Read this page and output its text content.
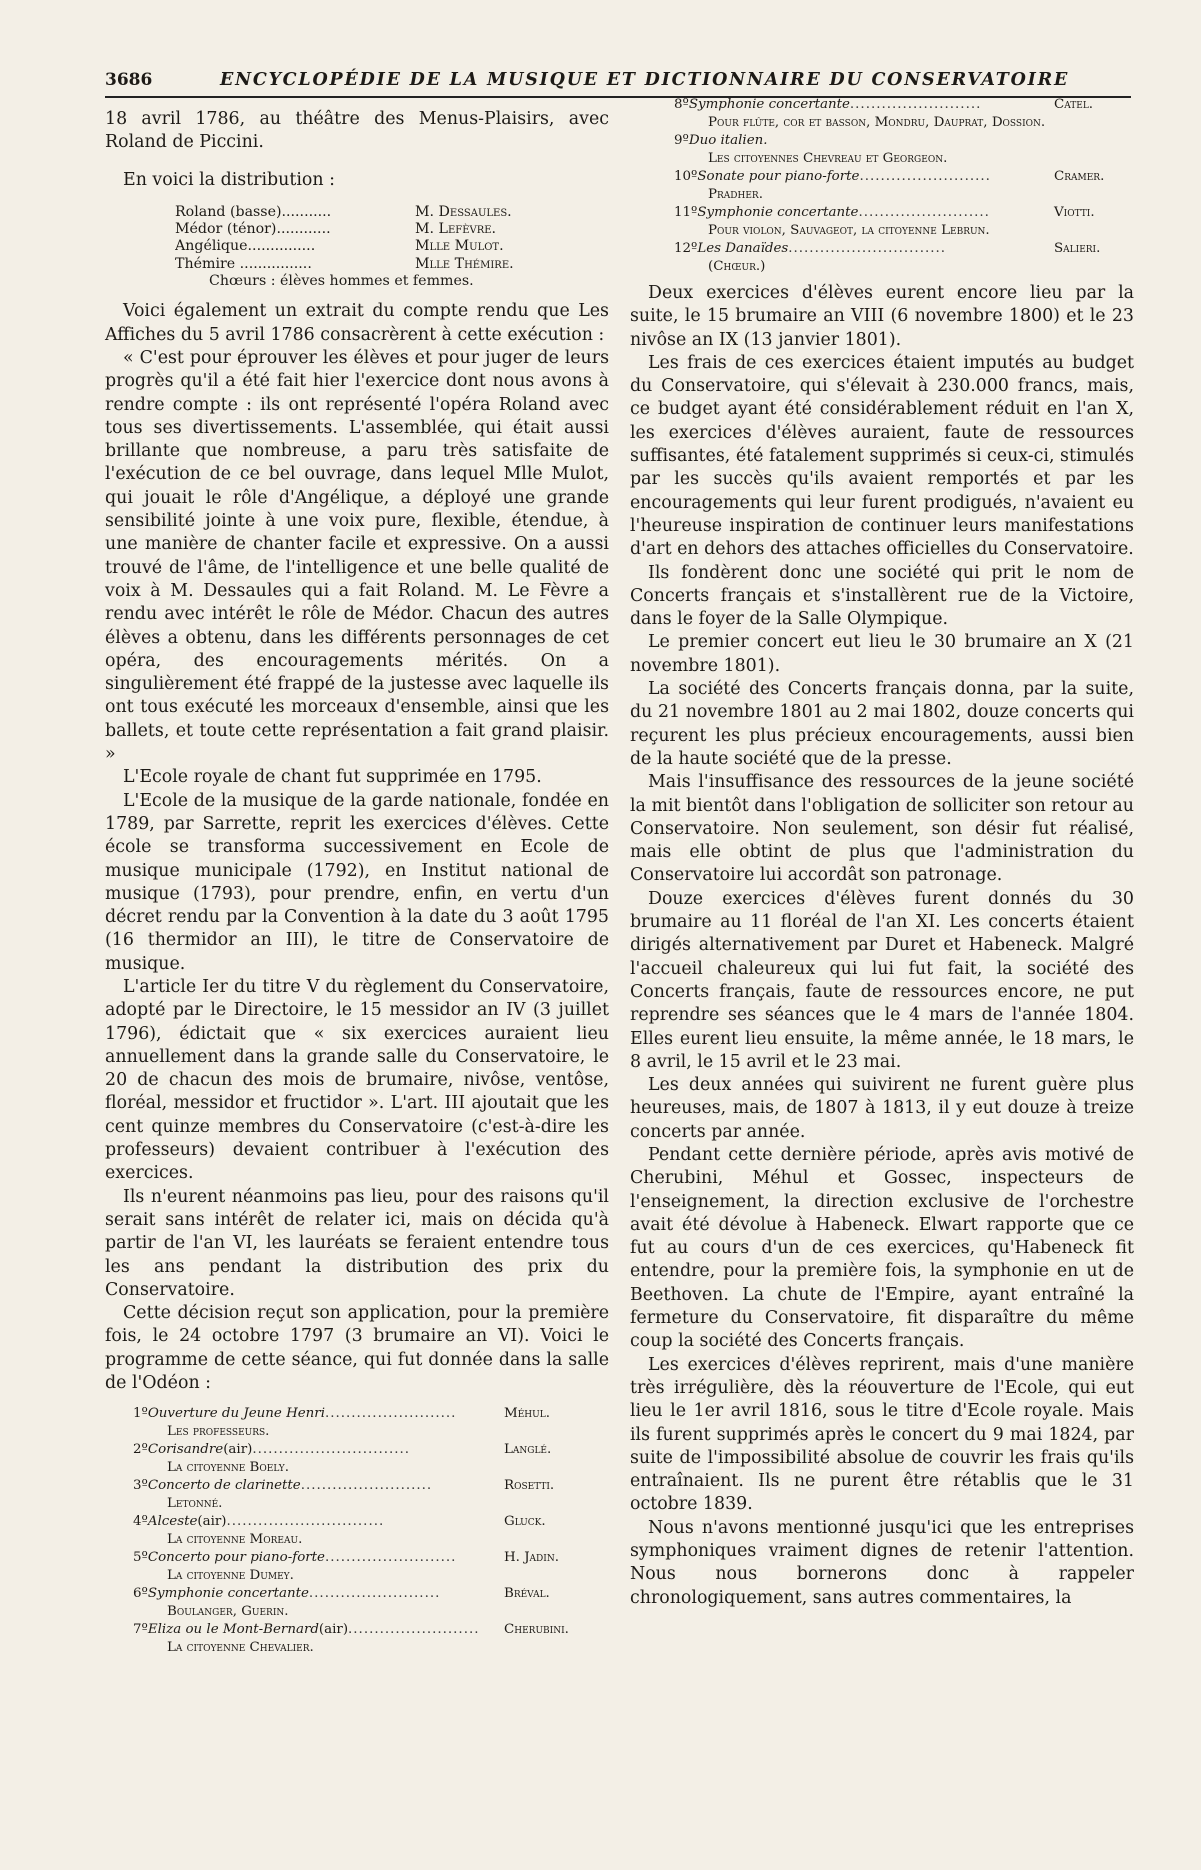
3686	ENCYCLOPÉDIE DE LA MUSIQUE ET DICTIONNAIRE DU CONSERVATOIRE

18 avril 1786, au théâtre des Menus-Plaisirs, avec Roland de Piccini.

En voici la distribution :

Roland (basse)...........	M. Dessaules.
Médor (ténor)............	M. Lefèvre.
Angélique...............	Mlle Mulot.
Thémire ................	Mlle Thémire.
Chœurs : élèves hommes et femmes.

Voici également un extrait du compte rendu que Les Affiches du 5 avril 1786 consacrèrent à cette exécution :

« C'est pour éprouver les élèves et pour juger de leurs progrès qu'il a été fait hier l'exercice dont nous avons à rendre compte : ils ont représenté l'opéra Roland avec tous ses divertissements. L'assemblée, qui était aussi brillante que nombreuse, a paru très satisfaite de l'exécution de ce bel ouvrage, dans lequel Mlle Mulot, qui jouait le rôle d'Angélique, a déployé une grande sensibilité jointe à une voix pure, flexible, étendue, à une manière de chanter facile et expressive. On a aussi trouvé de l'âme, de l'intelligence et une belle qualité de voix à M. Dessaules qui a fait Roland. M. Le Fèvre a rendu avec intérêt le rôle de Médor. Chacun des autres élèves a obtenu, dans les différents personnages de cet opéra, des encouragements mérités. On a singulièrement été frappé de la justesse avec laquelle ils ont tous exécuté les morceaux d'ensemble, ainsi que les ballets, et toute cette représentation a fait grand plaisir. »

L'Ecole royale de chant fut supprimée en 1795.

L'Ecole de la musique de la garde nationale, fondée en 1789, par Sarrette, reprit les exercices d'élèves. Cette école se transforma successivement en Ecole de musique municipale (1792), en Institut national de musique (1793), pour prendre, enfin, en vertu d'un décret rendu par la Convention à la date du 3 août 1795 (16 thermidor an III), le titre de Conservatoire de musique.

L'article Ier du titre V du règlement du Conservatoire, adopté par le Directoire, le 15 messidor an IV (3 juillet 1796), édictait que « six exercices auraient lieu annuellement dans la grande salle du Conservatoire, le 20 de chacun des mois de brumaire, nivôse, ventôse, floréal, messidor et fructidor ». L'art. III ajoutait que les cent quinze membres du Conservatoire (c'est-à-dire les professeurs) devaient contribuer à l'exécution des exercices.

Ils n'eurent néanmoins pas lieu, pour des raisons qu'il serait sans intérêt de relater ici, mais on décida qu'à partir de l'an VI, les lauréats se feraient entendre tous les ans pendant la distribution des prix du Conservatoire.

Cette décision reçut son application, pour la première fois, le 24 octobre 1797 (3 brumaire an VI). Voici le programme de cette séance, qui fut donnée dans la salle de l'Odéon :

1º Ouverture du Jeune Henri .........................	Méhul.
Les professeurs.
2º Corisandre (air) ..............................	Langlé.
La citoyenne Boely.
3º Concerto de clarinette .........................	Rosetti.
Letonné.
4º Alceste (air) ..............................	Gluck.
La citoyenne Moreau.
5º Concerto pour piano-forte .........................	H. Jadin.
La citoyenne Dumey.
6º Symphonie concertante .........................	Bréval.
Boulanger, Guerin.
7º Eliza ou le Mont-Bernard (air) .........................	Cherubini.
La citoyenne Chevalier.
8º Symphonie concertante .........................	Catel.
Pour flûte, cor et basson, Mondru, Dauprat, Dossion.
9º Duo italien.
Les citoyennes Chevreau et Georgeon.
10º Sonate pour piano-forte .........................	Cramer.
Pradher.
11º Symphonie concertante .........................	Viotti.
Pour violon, Sauvageot, la citoyenne Lebrun.
12º Les Danaïdes ..............................	Salieri.
(Chœur.)

Deux exercices d'élèves eurent encore lieu par la suite, le 15 brumaire an VIII (6 novembre 1800) et le 23 nivôse an IX (13 janvier 1801).

Les frais de ces exercices étaient imputés au budget du Conservatoire, qui s'élevait à 230.000 francs, mais, ce budget ayant été considérablement réduit en l'an X, les exercices d'élèves auraient, faute de ressources suffisantes, été fatalement supprimés si ceux-ci, stimulés par les succès qu'ils avaient remportés et par les encouragements qui leur furent prodigués, n'avaient eu l'heureuse inspiration de continuer leurs manifestations d'art en dehors des attaches officielles du Conservatoire.

Ils fondèrent donc une société qui prit le nom de Concerts français et s'installèrent rue de la Victoire, dans le foyer de la Salle Olympique.

Le premier concert eut lieu le 30 brumaire an X (21 novembre 1801).

La société des Concerts français donna, par la suite, du 21 novembre 1801 au 2 mai 1802, douze concerts qui reçurent les plus précieux encouragements, aussi bien de la haute société que de la presse.

Mais l'insuffisance des ressources de la jeune société la mit bientôt dans l'obligation de solliciter son retour au Conservatoire. Non seulement, son désir fut réalisé, mais elle obtint de plus que l'administration du Conservatoire lui accordât son patronage.

Douze exercices d'élèves furent donnés du 30 brumaire au 11 floréal de l'an XI. Les concerts étaient dirigés alternativement par Duret et Habeneck. Malgré l'accueil chaleureux qui lui fut fait, la société des Concerts français, faute de ressources encore, ne put reprendre ses séances que le 4 mars de l'année 1804. Elles eurent lieu ensuite, la même année, le 18 mars, le 8 avril, le 15 avril et le 23 mai.

Les deux années qui suivirent ne furent guère plus heureuses, mais, de 1807 à 1813, il y eut douze à treize concerts par année.

Pendant cette dernière période, après avis motivé de Cherubini, Méhul et Gossec, inspecteurs de l'enseignement, la direction exclusive de l'orchestre avait été dévolue à Habeneck. Elwart rapporte que ce fut au cours d'un de ces exercices, qu'Habeneck fit entendre, pour la première fois, la symphonie en ut de Beethoven. La chute de l'Empire, ayant entraîné la fermeture du Conservatoire, fit disparaître du même coup la société des Concerts français.

Les exercices d'élèves reprirent, mais d'une manière très irrégulière, dès la réouverture de l'Ecole, qui eut lieu le 1er avril 1816, sous le titre d'Ecole royale. Mais ils furent supprimés après le concert du 9 mai 1824, par suite de l'impossibilité absolue de couvrir les frais qu'ils entraînaient. Ils ne purent être rétablis que le 31 octobre 1839.

Nous n'avons mentionné jusqu'ici que les entreprises symphoniques vraiment dignes de retenir l'attention. Nous nous bornerons donc à rappeler chronologiquement, sans autres commentaires, la
